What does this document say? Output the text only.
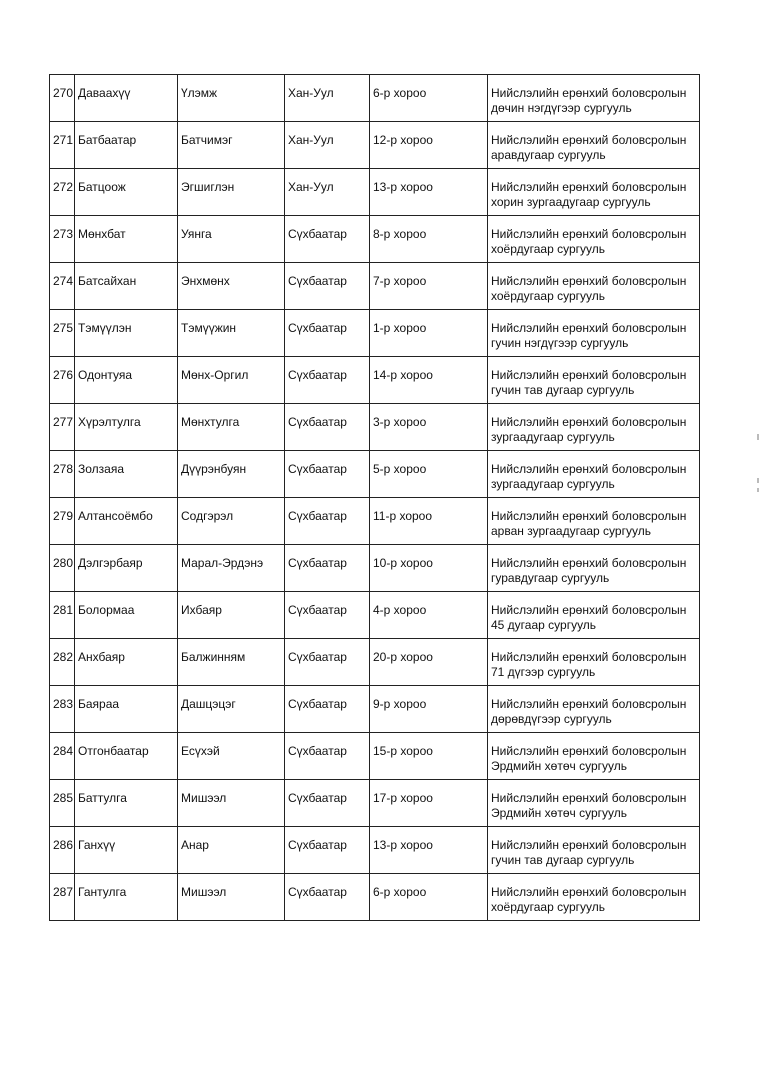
270	Даваахүү	Үлэмж	Хан-Уул	6-р хороо	Нийслэлийн ерөнхий боловсролын
дөчин нэгдүгээр сургууль

271	Батбаатар	Батчимэг	Хан-Уул	12-р хороо	Нийслэлийн ерөнхий боловсролын
аравдугаар сургууль

272	Батцоож	Эгшиглэн	Хан-Уул	13-р хороо	Нийслэлийн ерөнхий боловсролын
хорин зургаадугаар сургууль

273	Мөнхбат	Уянга	Сүхбаатар	8-р хороо	Нийслэлийн ерөнхий боловсролын
хоёрдугаар сургууль

274	Батсайхан	Энхмөнх	Сүхбаатар	7-р хороо	Нийслэлийн ерөнхий боловсролын
хоёрдугаар сургууль

275	Тэмүүлэн	Тэмүүжин	Сүхбаатар	1-р хороо	Нийслэлийн ерөнхий боловсролын
гучин нэгдүгээр сургууль

276	Одонтуяа	Мөнх-Оргил	Сүхбаатар	14-р хороо	Нийслэлийн ерөнхий боловсролын
гучин тав дугаар сургууль

277	Хүрэлтулга	Мөнхтулга	Сүхбаатар	3-р хороо	Нийслэлийн ерөнхий боловсролын
зургаадугаар сургууль

278	Золзаяа	Дүүрэнбуян	Сүхбаатар	5-р хороо	Нийслэлийн ерөнхий боловсролын
зургаадугаар сургууль

279	Алтансоёмбо	Содгэрэл	Сүхбаатар	11-р хороо	Нийслэлийн ерөнхий боловсролын
арван зургаадугаар сургууль

280	Дэлгэрбаяр	Марал-Эрдэнэ	Сүхбаатар	10-р хороо	Нийслэлийн ерөнхий боловсролын
гуравдугаар сургууль

281	Болормаа	Ихбаяр	Сүхбаатар	4-р хороо	Нийслэлийн ерөнхий боловсролын
45 дугаар сургууль

282	Анхбаяр	Балжинням	Сүхбаатар	20-р хороо	Нийслэлийн ерөнхий боловсролын
71 дүгээр сургууль

283	Баяраа	Дашцэцэг	Сүхбаатар	9-р хороо	Нийслэлийн ерөнхий боловсролын
дөрөвдүгээр сургууль

284	Отгонбаатар	Есүхэй	Сүхбаатар	15-р хороо	Нийслэлийн ерөнхий боловсролын
Эрдмийн хөтөч сургууль

285	Баттулга	Мишээл	Сүхбаатар	17-р хороо	Нийслэлийн ерөнхий боловсролын
Эрдмийн хөтөч сургууль

286	Ганхүү	Анар	Сүхбаатар	13-р хороо	Нийслэлийн ерөнхий боловсролын
гучин тав дугаар сургууль

287	Гантулга	Мишээл	Сүхбаатар	6-р хороо	Нийслэлийн ерөнхий боловсролын
хоёрдугаар сургууль
